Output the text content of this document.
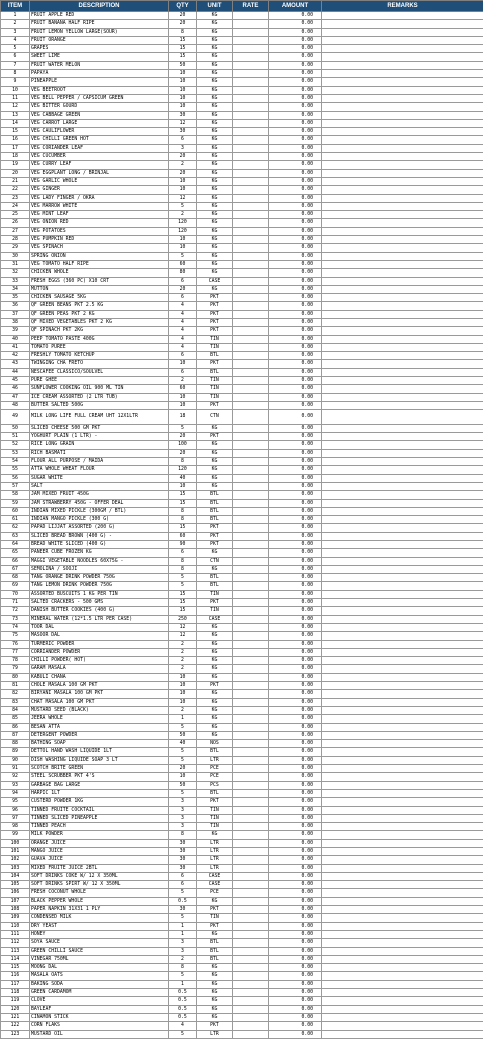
ITEM	DESCRIPTION	QTY	UNIT	RATE	AMOUNT	REMARKS
1	FRUIT APPLE RED	20	KG		0.00	
2	FRUIT BANANA HALF RIPE	20	KG		0.00	
3	FRUIT LEMON YELLOW LARGE(SOUR)	8	KG		0.00	
4	FRUIT ORANGE	15	KG		0.00	
5	GRAPES	15	KG		0.00	
6	SWEET LIME	15	KG		0.00	
7	FRUIT WATER MELON	50	KG		0.00	
8	PAPAYA	10	KG		0.00	
9	PINEAPPLE	10	KG		0.00	
10	VEG BEETROOT	10	KG		0.00	
11	VEG BELL PEPPER / CAPSICUM GREEN	10	KG		0.00	
12	VEG BITTER GOURD	10	KG		0.00	
13	VEG CABBAGE GREEN	30	KG		0.00	
14	VEG CARROT LARGE	12	KG		0.00	
15	VEG CAULIFLOWER	30	KG		0.00	
16	VEG CHILLI GREEN HOT	6	KG		0.00	
17	VEG CORIANDER LEAF	3	KG		0.00	
18	VEG CUCUMBER	20	KG		0.00	
19	VEG CURRY LEAF	2	KG		0.00	
20	VEG EGGPLANT LONG / BRINJAL	20	KG		0.00	
21	VEG GARLIC WHOLE	10	KG		0.00	
22	VEG GINGER	10	KG		0.00	
23	VEG LADY FINGER / OKRA	12	KG		0.00	
24	VEG MARROW WHITE	5	KG		0.00	
25	VEG MINT LEAF	2	KG		0.00	
26	VEG ONION RED	120	KG		0.00	
27	VEG POTATOES	120	KG		0.00	
28	VEG PUMPKIN RED	10	KG		0.00	
29	VEG SPINACH	10	KG		0.00	
30	SPRING ONION	5	KG		0.00	
31	VEG TOMATO HALF RIPE	60	KG		0.00	
32	CHICKEN WHOLE	80	KG		0.00	
33	FRESH EGGS (360 PC) X10 CRT	6	CASE		0.00	
34	MUTTON	20	KG		0.00	
35	CHICKEN SAUSAGE 5KG	6	PKT		0.00	
36	QF GREEN BEANS PKT 2.5 KG	4	PKT		0.00	
37	QF GREEN PEAS PKT 2 KG	4	PKT		0.00	
38	QF MIXED VEGETABLES PKT 2 KG	4	PKT		0.00	
39	QF SPINACH PKT 2KG	4	PKT		0.00	
40	PEEP TOMATO PASTE 400G	4	TIN		0.00	
41	TOMATO PUREE	4	TIN		0.00	
42	FRESHLY TOMATO KETCHUP	6	BTL		0.00	
43	TWINGING CHA FRETO	10	PKT		0.00	
44	NESCAFEE CLASSICO/SOULVEL	6	BTL		0.00	
45	PURE GHEE	2	TIN		0.00	
46	SUNFLOWER COOKING OIL 900 ML TIN	60	TIN		0.00	
47	ICE CREAM ASSORTED (2 LTR TUB)	10	TIN		0.00	
48	BUTTER SALTED 500G	10	PKT		0.00	
49	MILK LONG LIFE FULL CREAM UHT 12X1LTR	18	CTN		0.00	
50	SLICED CHEESE 500 GM PKT	5	KG		0.00	
51	YOGHURT PLAIN (1 LTR) -	20	PKT		0.00	
52	RICE LONG GRAIN	100	KG		0.00	
53	RICH BASMATI	20	KG		0.00	
54	FLOUR ALL PURPOSE / MAIDA	8	KG		0.00	
55	ATTA WHOLE WHEAT FLOUR	120	KG		0.00	
56	SUGAR WHITE	40	KG		0.00	
57	SALT	10	KG		0.00	
58	JAM MIXED FRUIT 450G	15	BTL		0.00	
59	JAM STRAWBERRY 450G - OFFER DEAL	15	BTL		0.00	
60	INDIAN MIXED PICKLE (300GM / BTL)	8	BTL		0.00	
61	INDIAN MANGO PICKLE (300 G)	8	BTL		0.00	
62	PAPAD LIJJAT ASSORTED (200 G)	15	PKT		0.00	
63	SLICED BREAD BROWN (400 G) -	60	PKT		0.00	
64	BREAD WHITE SLICED (400 G)	90	PKT		0.00	
65	PANEER CUBE FROZEN KG	6	KG		0.00	
66	MAGGI VEGETABLE NOODLES 60X75G -	8	CTN		0.00	
67	SEMOLINA / SOOJI	8	KG		0.00	
68	TANG ORANGE DRINK POWDER 750G	5	BTL		0.00	
69	TANG LEMON DRINK POWDER 750G	5	BTL		0.00	
70	ASSORTED BUSCUITS 1 KG PER TIN	15	TIN		0.00	
71	SALTED CRACKERS - 500 GMS	15	PKT		0.00	
72	DANISH BUTTER COOKIES (400 G)	15	TIN		0.00	
73	MINERAL WATER (12*1.5 LTR PER CASE)	250	CASE		0.00	
74	TOOR DAL	12	KG		0.00	
75	MASOOR DAL	12	KG		0.00	
76	TURMERIC POWDER	2	KG		0.00	
77	CORRIANDER POWDER	2	KG		0.00	
78	CHILLI POWDER( HOT)	2	KG		0.00	
79	GARAM MASALA	2	KG		0.00	
80	KABULI CHANA	10	KG		0.00	
81	CHOLE MASALA 100 GM PKT	10	PKT		0.00	
82	BIRYANI MASALA 100 GM PKT	10	KG		0.00	
83	CHAT MASALA 100 GM PKT	10	KG		0.00	
84	MUSTARD SEED (BLACK)	2	KG		0.00	
85	JEERA WHOLE	1	KG		0.00	
86	BESAN ATTA	5	KG		0.00	
87	DETERGENT POWDER	50	KG		0.00	
88	BATHING SOAP	40	NOS		0.00	
89	DETTOL HAND WASH LIQUIDE 1LT	5	BTL		0.00	
90	DISH WASHING LIQUIDE SOAP 3 LT	5	LTR		0.00	
91	SCOTCH BRITE GREEN	20	PCE		0.00	
92	STEEL SCRUBBER PKT 4'S	10	PCE		0.00	
93	GARBAGE BAG LARGE	50	PCS		0.00	
94	HARPIC 1LT	5	BTL		0.00	
95	CUSTERD POWDER 1KG	3	PKT		0.00	
96	TINNED FRUITE COCKTAIL	3	TIN		0.00	
97	TINNED SLICED PINEAPPLE	3	TIN		0.00	
98	TINNED PEACH	3	TIN		0.00	
99	MILK POWDER	8	KG		0.00	
100	ORANGE JUICE	30	LTR		0.00	
101	MANGO JUICE	30	LTR		0.00	
102	GUAVA JUICE	30	LTR		0.00	
103	MIXED FRUITE JUICE 2BTL	30	LTR		0.00	
104	SOFT DRINKS COKE W/ 12 X 350ML	6	CASE		0.00	
105	SOFT DRINKS SPIRT W/ 12 X 350ML	6	CASE		0.00	
106	FRESH COCONUT WHOLE	5	PCE		0.00	
107	BLACK PEPPER WHOLE	0.5	KG		0.00	
108	PAPER NAPKIN 31X31 1 PLY	30	PKT		0.00	
109	CONDENSED MILK	5	TIN		0.00	
110	DRY YEAST	1	PKT		0.00	
111	HONEY	1	KG		0.00	
112	SOYA SAUCE	3	BTL		0.00	
113	GREEN CHILLI SAUCE	3	BTL		0.00	
114	VINEGAR 750ML	2	BTL		0.00	
115	MOONG DAL	8	KG		0.00	
116	MASALA OATS	5	KG		0.00	
117	BAKING SODA	1	KG		0.00	
118	GREEN CARDAMOM	0.5	KG		0.00	
119	CLOVE	0.5	KG		0.00	
120	BAYLEAF	0.5	KG		0.00	
121	CINAMON STICK	0.5	KG		0.00	
122	CORN FLAKS	4	PKT		0.00	
123	MUSTARD OIL	5	LTR		0.00	
